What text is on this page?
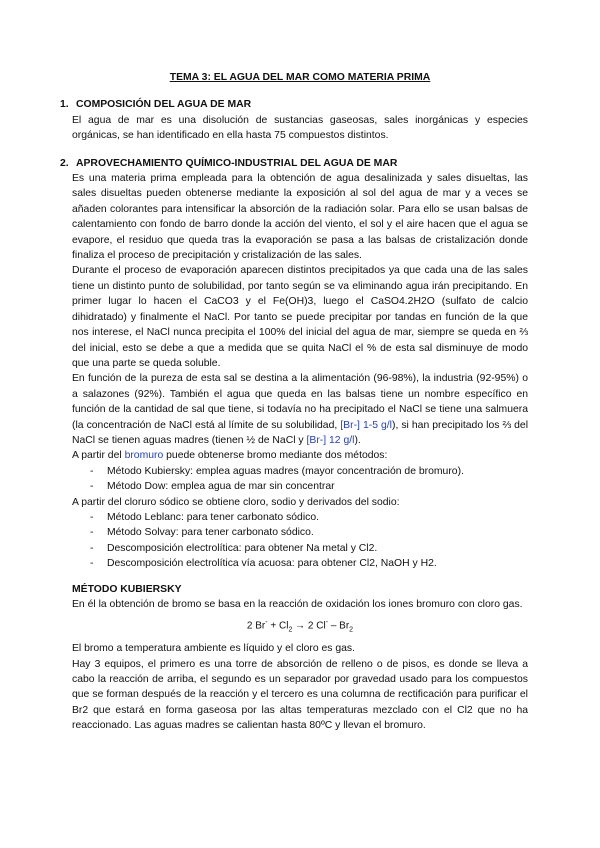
TEMA 3: EL AGUA DEL MAR COMO MATERIA PRIMA
1. COMPOSICIÓN DEL AGUA DE MAR

El agua de mar es una disolución de sustancias gaseosas, sales inorgánicas y especies orgánicas, se han identificado en ella hasta 75 compuestos distintos.

2. APROVECHAMIENTO QUÍMICO-INDUSTRIAL DEL AGUA DE MAR

Es una materia prima empleada para la obtención de agua desalinizada y sales disueltas, las sales disueltas pueden obtenerse mediante la exposición al sol del agua de mar y a veces se añaden colorantes para intensificar la absorción de la radiación solar. Para ello se usan balsas de calentamiento con fondo de barro donde la acción del viento, el sol y el aire hacen que el agua se evapore, el residuo que queda tras la evaporación se pasa a las balsas de cristalización donde finaliza el proceso de precipitación y cristalización de las sales.

Durante el proceso de evaporación aparecen distintos precipitados ya que cada una de las sales tiene un distinto punto de solubilidad, por tanto según se va eliminando agua irán precipitando. En primer lugar lo hacen el CaCO3 y el Fe(OH)3, luego el CaSO4.2H2O (sulfato de calcio dihidratado) y finalmente el NaCl. Por tanto se puede precipitar por tandas en función de la que nos interese, el NaCl nunca precipita el 100% del inicial del agua de mar, siempre se queda en ⅔ del inicial, esto se debe a que a medida que se quita NaCl el % de esta sal disminuye de modo que una parte se queda soluble.

En función de la pureza de esta sal se destina a la alimentación (96-98%), la industria (92-95%) o a salazones (92%). También el agua que queda en las balsas tiene un nombre específico en función de la cantidad de sal que tiene, si todavía no ha precipitado el NaCl se tiene una salmuera (la concentración de NaCl está al límite de su solubilidad, [Br-] 1-5 g/l), si han precipitado los ⅔ del NaCl se tienen aguas madres (tienen ½ de NaCl y [Br-] 12 g/l).

A partir del bromuro puede obtenerse bromo mediante dos métodos:

- Método Kubiersky: emplea aguas madres (mayor concentración de bromuro).
- Método Dow: emplea agua de mar sin concentrar

A partir del cloruro sódico se obtiene cloro, sodio y derivados del sodio:

- Método Leblanc: para tener carbonato sódico.
- Método Solvay: para tener carbonato sódico.
- Descomposición electrolítica: para obtener Na metal y Cl2.
- Descomposición electrolítica vía acuosa: para obtener Cl2, NaOH y H2.
MÉTODO KUBIERSKY

En él la obtención de bromo se basa en la reacción de oxidación los iones bromuro con cloro gas.

2 $Br^- + Cl_2 \to 2$ $Cl^- - Br_2$

El bromo a temperatura ambiente es líquido y el cloro es gas.

Hay 3 equipos, el primero es una torre de absorción de relleno o de pisos, es donde se lleva a cabo la reacción de arriba, el segundo es un separador por gravedad usado para los compuestos que se forman después de la reacción y el tercero es una columna de rectificación para purificar el Br2 que estará en forma gaseosa por las altas temperaturas mezclado con el Cl2 que no ha reaccionado. Las aguas madres se calientan hasta 80ºC y llevan el bromuro.
